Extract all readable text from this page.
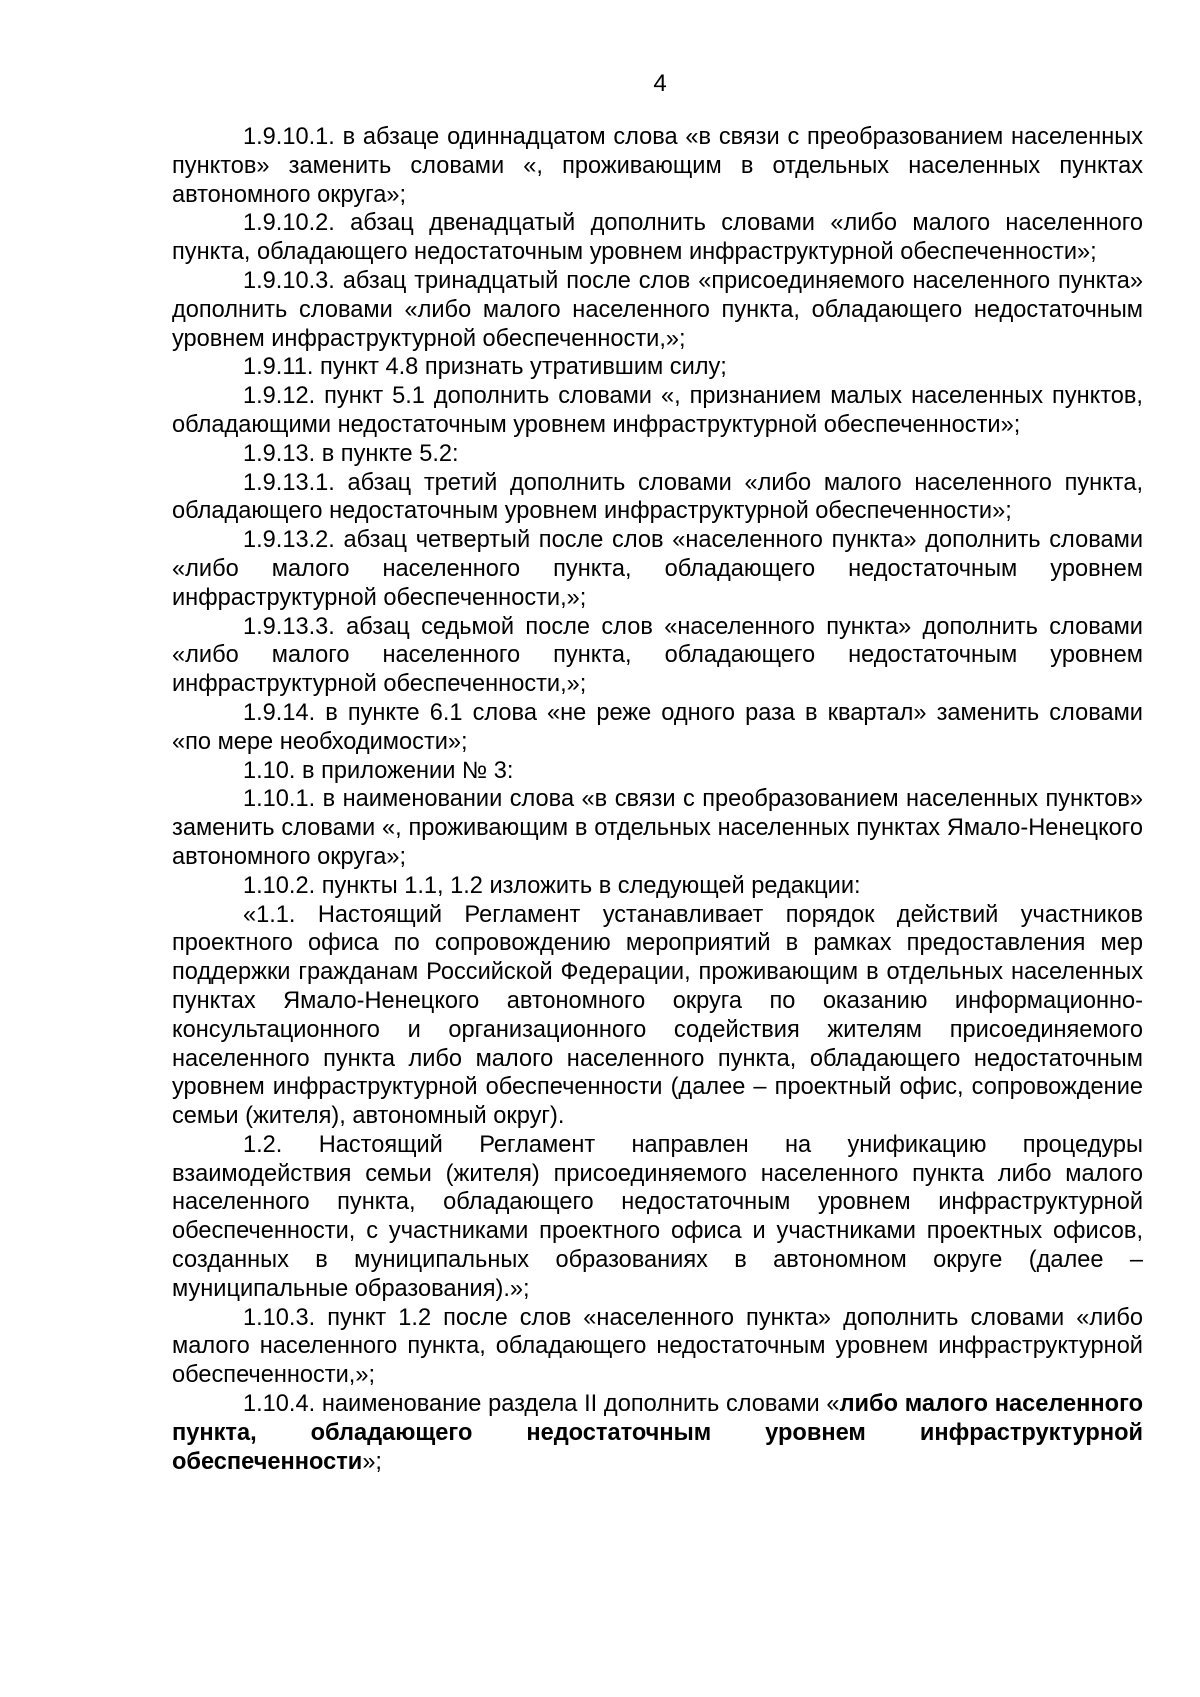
4

1.9.10.1. в абзаце одиннадцатом слова «в связи с преобразованием населенных пунктов» заменить словами «, проживающим в отдельных населенных пунктах автономного округа»;

1.9.10.2. абзац двенадцатый дополнить словами «либо малого населенного пункта, обладающего недостаточным уровнем инфраструктурной обеспеченности»;

1.9.10.3. абзац тринадцатый после слов «присоединяемого населенного пункта» дополнить словами «либо малого населенного пункта, обладающего недостаточным уровнем инфраструктурной обеспеченности,»;

1.9.11. пункт 4.8 признать утратившим силу;

1.9.12. пункт 5.1 дополнить словами «, признанием малых населенных пунктов, обладающими недостаточным уровнем инфраструктурной обеспеченности»;

1.9.13. в пункте 5.2:

1.9.13.1. абзац третий дополнить словами «либо малого населенного пункта, обладающего недостаточным уровнем инфраструктурной обеспеченности»;

1.9.13.2. абзац четвертый после слов «населенного пункта» дополнить словами «либо малого населенного пункта, обладающего недостаточным уровнем инфраструктурной обеспеченности,»;

1.9.13.3. абзац седьмой после слов «населенного пункта» дополнить словами «либо малого населенного пункта, обладающего недостаточным уровнем инфраструктурной обеспеченности,»;

1.9.14. в пункте 6.1 слова «не реже одного раза в квартал» заменить словами «по мере необходимости»;

1.10. в приложении № 3:

1.10.1. в наименовании слова «в связи с преобразованием населенных пунктов» заменить словами «, проживающим в отдельных населенных пунктах Ямало-Ненецкого автономного округа»;

1.10.2. пункты 1.1, 1.2 изложить в следующей редакции:

«1.1. Настоящий Регламент устанавливает порядок действий участников проектного офиса по сопровождению мероприятий в рамках предоставления мер поддержки гражданам Российской Федерации, проживающим в отдельных населенных пунктах Ямало-Ненецкого автономного округа по оказанию информационно-консультационного и организационного содействия жителям присоединяемого населенного пункта либо малого населенного пункта, обладающего недостаточным уровнем инфраструктурной обеспеченности (далее – проектный офис, сопровождение семьи (жителя), автономный округ).

1.2. Настоящий Регламент направлен на унификацию процедуры взаимодействия семьи (жителя) присоединяемого населенного пункта либо малого населенного пункта, обладающего недостаточным уровнем инфраструктурной обеспеченности, с участниками проектного офиса и участниками проектных офисов, созданных в муниципальных образованиях в автономном округе (далее – муниципальные образования).»;

1.10.3. пункт 1.2 после слов «населенного пункта» дополнить словами «либо малого населенного пункта, обладающего недостаточным уровнем инфраструктурной обеспеченности,»;

1.10.4. наименование раздела II дополнить словами «либо малого населенного пункта, обладающего недостаточным уровнем инфраструктурной обеспеченности»;
